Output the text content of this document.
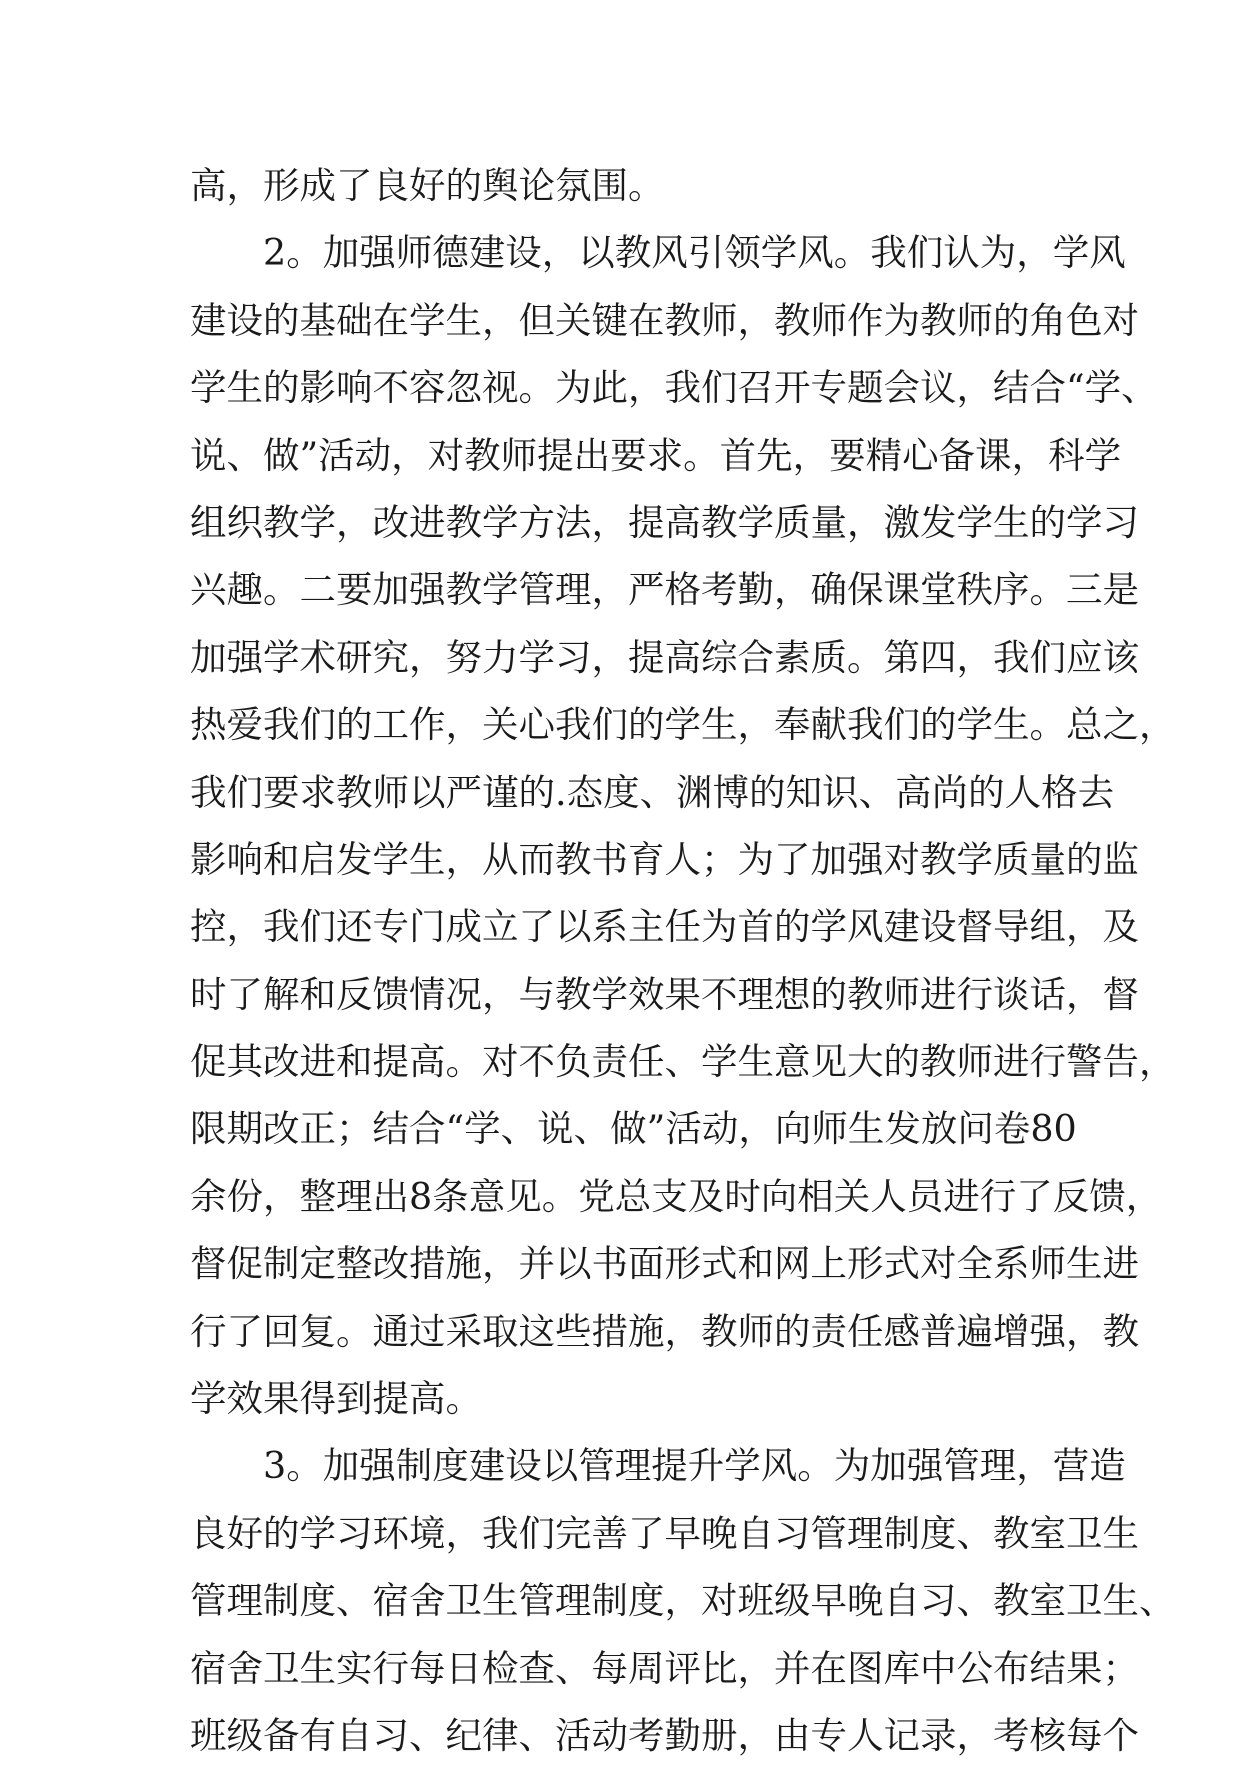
高，形成了良好的舆论氛围。
2。加强师德建设，以教风引领学风。我们认为，学风
建设的基础在学生，但关键在教师，教师作为教师的角色对
学生的影响不容忽视。为此，我们召开专题会议，结合“学、
说、做”活动，对教师提出要求。首先，要精心备课，科学
组织教学，改进教学方法，提高教学质量，激发学生的学习
兴趣。二要加强教学管理，严格考勤，确保课堂秩序。三是
加强学术研究，努力学习，提高综合素质。第四，我们应该
热爱我们的工作，关心我们的学生，奉献我们的学生。总之，
我们要求教师以严谨的.态度、渊博的知识、高尚的人格去
影响和启发学生，从而教书育人；为了加强对教学质量的监
控，我们还专门成立了以系主任为首的学风建设督导组，及
时了解和反馈情况，与教学效果不理想的教师进行谈话，督
促其改进和提高。对不负责任、学生意见大的教师进行警告，
限期改正；结合“学、说、做”活动，向师生发放问卷80
余份，整理出8条意见。党总支及时向相关人员进行了反馈，
督促制定整改措施，并以书面形式和网上形式对全系师生进
行了回复。通过采取这些措施，教师的责任感普遍增强，教
学效果得到提高。
3。加强制度建设以管理提升学风。为加强管理，营造
良好的学习环境，我们完善了早晚自习管理制度、教室卫生
管理制度、宿舍卫生管理制度，对班级早晚自习、教室卫生、
宿舍卫生实行每日检查、每周评比，并在图库中公布结果；
班级备有自习、纪律、活动考勤册，由专人记录，考核每个
